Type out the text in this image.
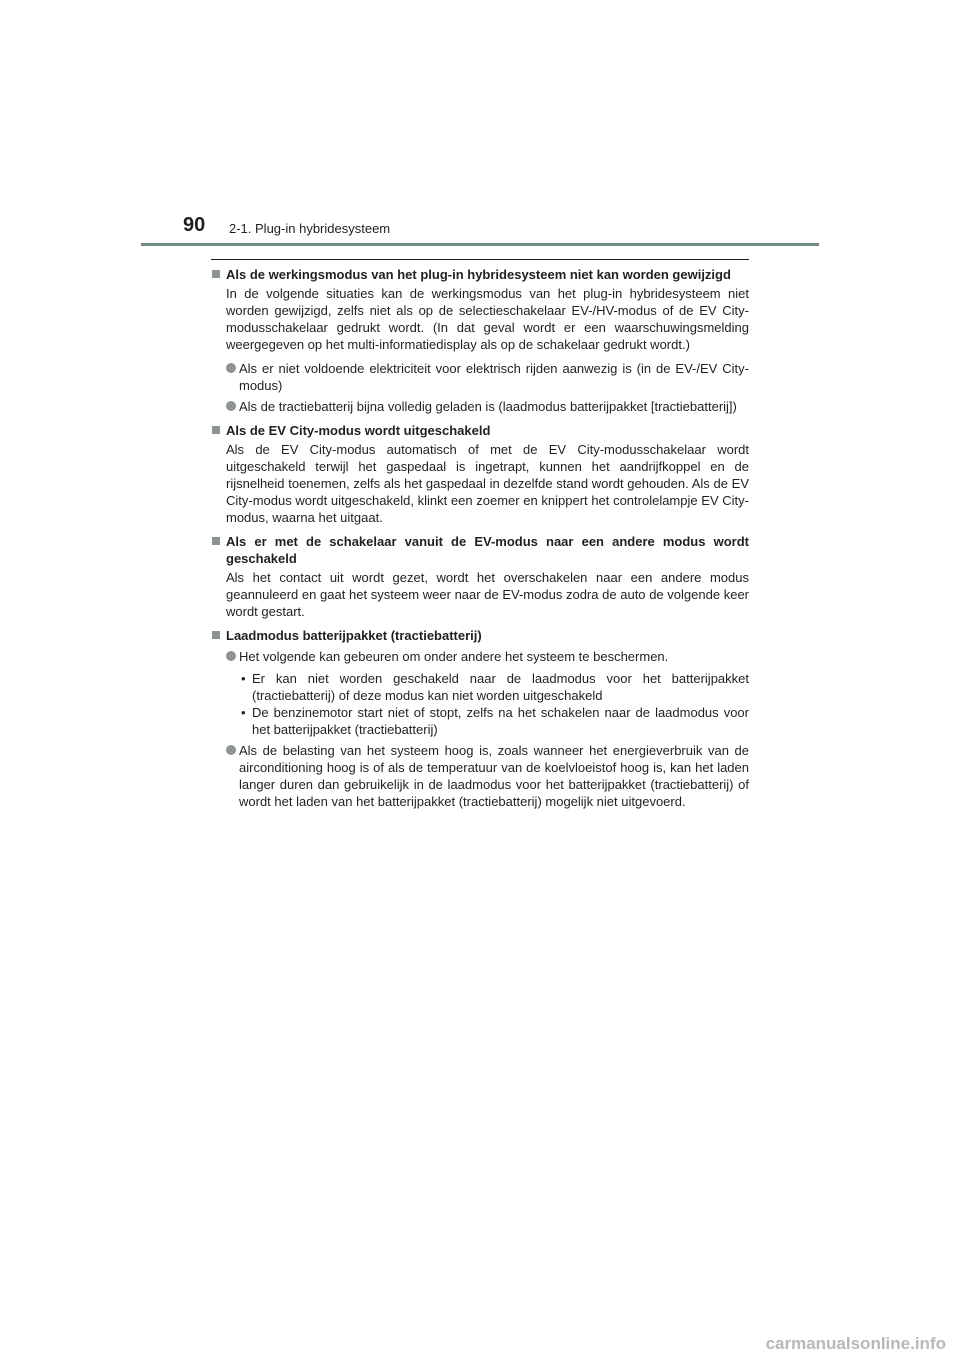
90 2-1. Plug-in hybridesysteem
Als de werkingsmodus van het plug-in hybridesysteem niet kan worden gewijzigd
In de volgende situaties kan de werkingsmodus van het plug-in hybridesysteem niet worden gewijzigd, zelfs niet als op de selectieschakelaar EV-/HV-modus of de EV City-modusschakelaar gedrukt wordt. (In dat geval wordt er een waarschuwingsmelding weergegeven op het multi-informatiedisplay als op de schakelaar gedrukt wordt.)
Als er niet voldoende elektriciteit voor elektrisch rijden aanwezig is (in de EV-/EV City-modus)
Als de tractiebatterij bijna volledig geladen is (laadmodus batterijpakket [tractiebatterij])
Als de EV City-modus wordt uitgeschakeld
Als de EV City-modus automatisch of met de EV City-modusschakelaar wordt uitgeschakeld terwijl het gaspedaal is ingetrapt, kunnen het aandrijfkoppel en de rijsnelheid toenemen, zelfs als het gaspedaal in dezelfde stand wordt gehouden. Als de EV City-modus wordt uitgeschakeld, klinkt een zoemer en knippert het controlelampje EV City-modus, waarna het uitgaat.
Als er met de schakelaar vanuit de EV-modus naar een andere modus wordt geschakeld
Als het contact uit wordt gezet, wordt het overschakelen naar een andere modus geannuleerd en gaat het systeem weer naar de EV-modus zodra de auto de volgende keer wordt gestart.
Laadmodus batterijpakket (tractiebatterij)
Het volgende kan gebeuren om onder andere het systeem te beschermen.
• Er kan niet worden geschakeld naar de laadmodus voor het batterijpakket (tractiebatterij) of deze modus kan niet worden uitgeschakeld
• De benzinemotor start niet of stopt, zelfs na het schakelen naar de laadmodus voor het batterijpakket (tractiebatterij)
Als de belasting van het systeem hoog is, zoals wanneer het energieverbruik van de airconditioning hoog is of als de temperatuur van de koelvloeistof hoog is, kan het laden langer duren dan gebruikelijk in de laadmodus voor het batterijpakket (tractiebatterij) of wordt het laden van het batterijpakket (tractiebatterij) mogelijk niet uitgevoerd.
carmanualsonline.info
